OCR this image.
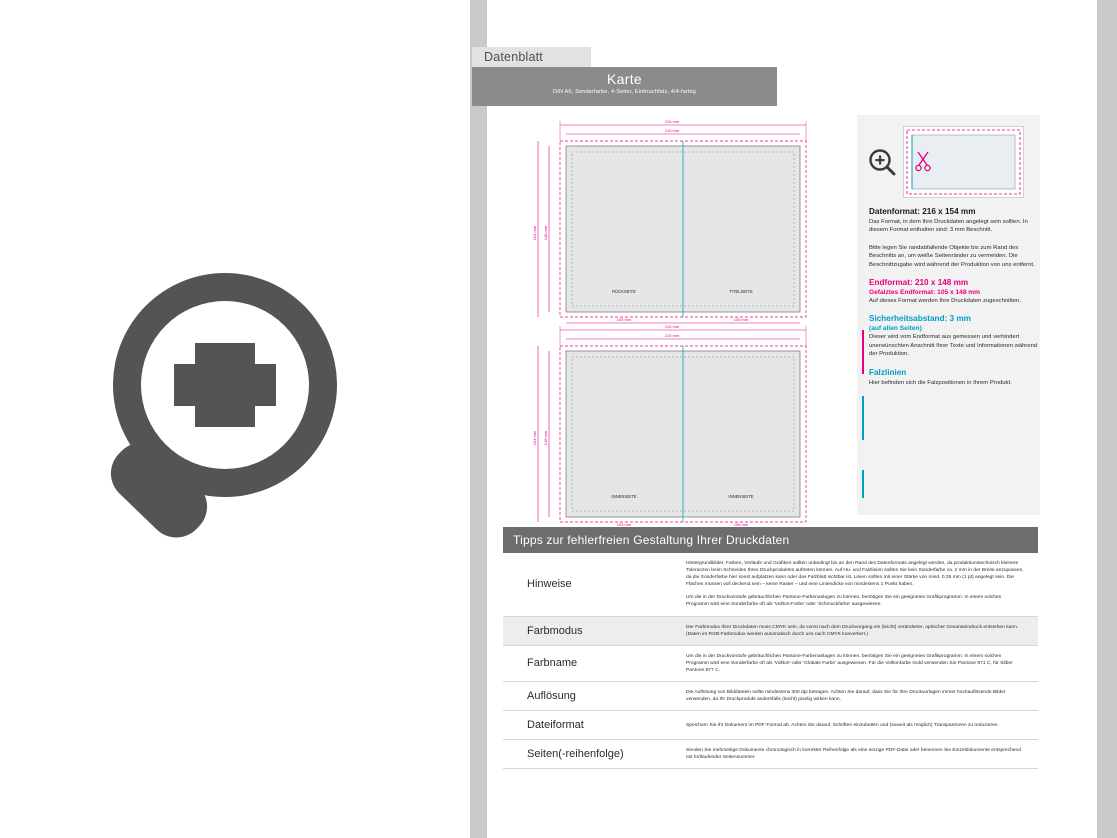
Datenblatt
Karte
DIN A6, Sonderfarbe, 4-Seiter, Einbruchfalz, 4/4-farbig
216 mm
210 mm
154 mm 148 mm
105 mm	105 mm
RÜCKSEITE	TITELSEITE
216 mm
210 mm
154 mm 148 mm
105 mm	105 mm
INNENSEITE	INNENSEITE
Datenformat: 216 x 154 mm

Das Format, in dem Ihre Druckdaten angelegt sein sollten. In diesem Format enthalten sind: 3 mm Beschnitt.

Bitte legen Sie randabfallende Objekte bis zum Rand des Beschnitts an, um weiße Seitenränder zu vermeiden. Die Beschnittzugabe wird während der Produktion von uns entfernt.

Endformat: 210 x 148 mm
Gefalztes Endformat: 105 x 148 mm

Auf dieses Format werden Ihre Druckdaten zugeschnitten.

Sicherheitsabstand: 3 mm
(auf allen Seiten)

Dieser wird vom Endformat aus gemessen und verhindert unerwünschten Anschnitt Ihrer Texte und Informationen während der Produktion.

Falzlinien

Hier befinden sich die Falzpositionen in Ihrem Produkt.

Tipps zur fehlerfreien Gestaltung Ihrer Druckdaten
Hinweise	Hintergrundbilder, Farben, Verläufe und Grafiken sollten unbedingt bis an den Rand des Datenformats angelegt werden, da produktionstechnisch kleinere Toleranzen beim Schneiden Ihres Druckproduktes auftreten können. Auf Hu- und Falzlinien sollten Sie kein Sonderfarbe ca. 2 mm in der Breite anzupassen, da die Sonderfarbe hier sonst aufplatzen kann oder das Falzblatt sichtbar ist. Linien sollten mit einer Stärke von mind. 0,35 mm (1 pt) angelegt sein. Die Flächen müssen voll deckend sein – keine Raster – und eine Liniendicke von mindestens 1 Punkt haben.

Um die in der Druckvorstufe gebräuchlichen Pantone-Farbenanlagen zu können, benötigen Sie ein geeignetes Grafikprogramm. In einem solchen Programm wird eine Sonderfarbe oft als 'Vollton-Farbe' oder 'Schmuckfarbe' ausgewiesen.

Farbmodus	Der Farbmodus Ihrer Druckdaten muss CMYK sein, da sonst nach dem Druckvorgang ein (leicht) veränderter, optischer Gesamteindruck entstehen kann. (Daten im RGB-Farbmodus werden automatisch durch uns nach CMYK konvertiert.)

Farbname	Um die in der Druckvorstufe gebräuchlichen Pantone-Farbenanlagen zu können, benötigen Sie ein geeignetes Grafikprogramm. In einem solchen Programm wird eine Sonderfarbe oft als 'Vollton'-oder 'Globale Farbe' ausgewiesen. Für die Volltonfarbe Gold verwenden Sie Pantone 871 C, für Silber Pantone 877 C.

Auflösung	Die Auflösung von Bilddateien sollte mindestens 300 dpi betragen. Achten Sie darauf, dass Sie für Ihre Druckvorlagen immer hochauflösende Bilder verwenden, da Ihr Druckprodukt andernfalls (leicht) pixelig wirken kann.

Dateiformat	Speichern Sie Ihr Dokument im PDF-Format ab. Achten Sie darauf, Schriften einzubetten und (soweit als möglich) Transparenzen zu reduzieren.

Seiten(-reihenfolge)	Senden Sie mehrseitige Dokumente chronologisch in korrekter Reihenfolge als eine einzige PDF-Datei oder benennen Sie Einzeldokumente entsprechend mit fortlaufender Seitennummer.
